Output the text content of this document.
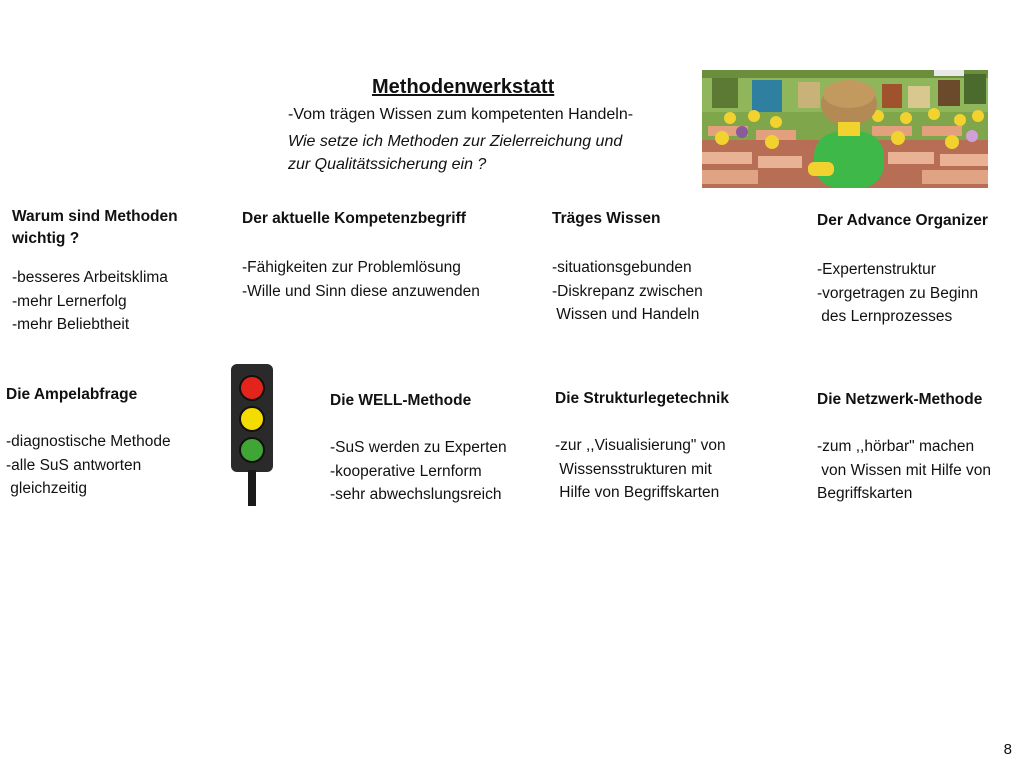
Methodenwerkstatt
-Vom trägen Wissen zum kompetenten Handeln-
Wie setze ich Methoden zur Zielerreichung und
zur Qualitätssicherung ein ?
Warum sind Methoden
wichtig ?
-besseres Arbeitsklima
-mehr Lernerfolg
-mehr Beliebtheit
Der aktuelle Kompetenzbegriff
-Fähigkeiten zur Problemlösung
-Wille und Sinn diese anzuwenden
Träges Wissen
-situationsgebunden
-Diskrepanz zwischen
Wissen und Handeln
Der Advance Organizer
-Expertenstruktur
-vorgetragen zu Beginn
des Lernprozesses
Die Ampelabfrage
-diagnostische Methode
-alle SuS antworten
gleichzeitig
Die WELL-Methode
-SuS werden zu Experten
-kooperative Lernform
-sehr abwechslungsreich
Die Strukturlegetechnik
-zur ,,Visualisierung" von
Wissensstrukturen mit
Hilfe von Begriffskarten
Die Netzwerk-Methode
-zum ,,hörbar" machen
von Wissen mit Hilfe von
Begriffskarten
8
